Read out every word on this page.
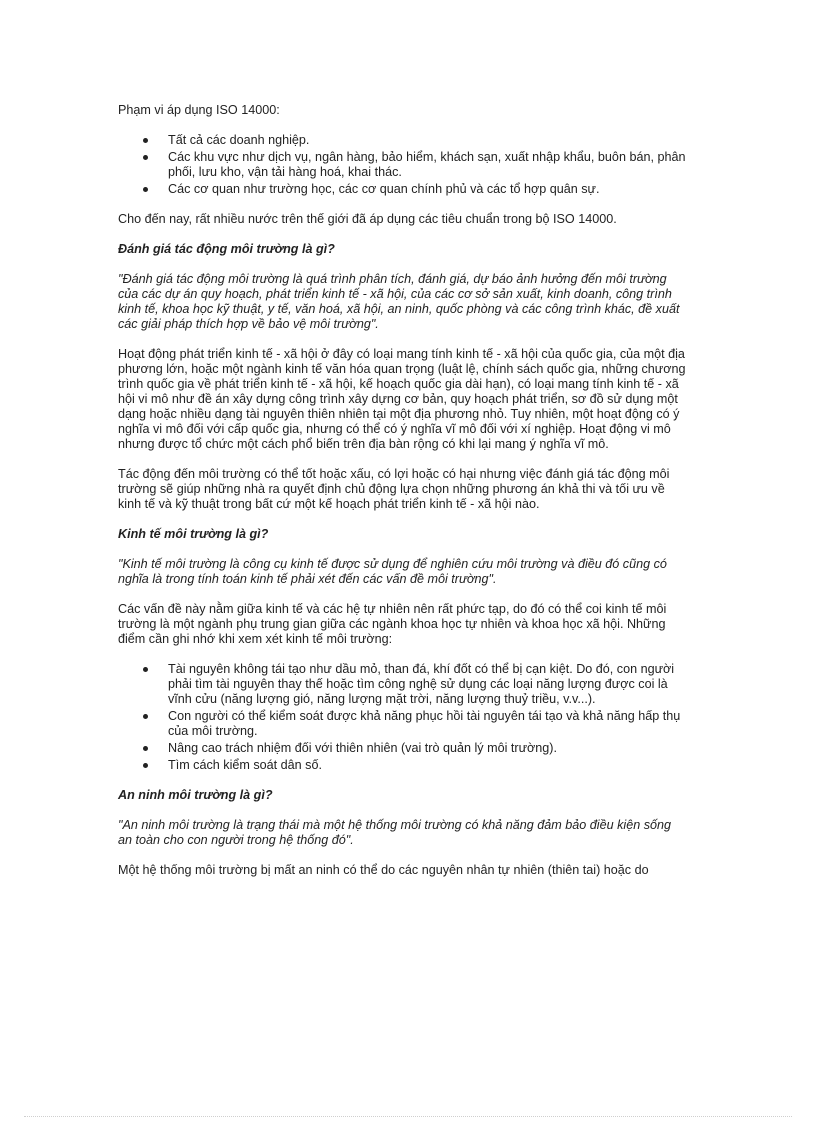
Phạm vi áp dụng ISO 14000:

Tất cả các doanh nghiệp.
Các khu vực như dịch vụ, ngân hàng, bảo hiểm, khách sạn, xuất nhập khẩu, buôn bán, phân phối, lưu kho, vận tải hàng hoá, khai thác.
Các cơ quan như trường học, các cơ quan chính phủ và các tổ hợp quân sự.

Cho đến nay, rất nhiều nước trên thế giới đã áp dụng các tiêu chuẩn trong bộ ISO 14000.

Đánh giá tác động môi trường là gì?

"Đánh giá tác động môi trường là quá trình phân tích, đánh giá, dự báo ảnh hưởng đến môi trường của các dự án quy hoạch, phát triển kinh tế - xã hội, của các cơ sở sản xuất, kinh doanh, công trình kinh tế, khoa học kỹ thuật, y tế, văn hoá, xã hội, an ninh, quốc phòng và các công trình khác, đề xuất các giải pháp thích hợp về bảo vệ môi trường".

Hoạt động phát triển kinh tế - xã hội ở đây có loại mang tính kinh tế - xã hội của quốc gia, của một địa phương lớn, hoặc một ngành kinh tế văn hóa quan trọng (luật lệ, chính sách quốc gia, những chương trình quốc gia về phát triển kinh tế - xã hội, kế hoạch quốc gia dài hạn), có loại mang tính kinh tế - xã hội vi mô như đề án xây dựng công trình xây dựng cơ bản, quy hoạch phát triển, sơ đồ sử dụng một dạng hoặc nhiều dạng tài nguyên thiên nhiên tại một địa phương nhỏ. Tuy nhiên, một hoạt động có ý nghĩa vi mô đối với cấp quốc gia, nhưng có thể có ý nghĩa vĩ mô đối với xí nghiệp. Hoạt động vi mô nhưng được tổ chức một cách phổ biến trên địa bàn rộng có khi lại mang ý nghĩa vĩ mô.

Tác động đến môi trường có thể tốt hoặc xấu, có lợi hoặc có hại nhưng việc đánh giá tác động môi trường sẽ giúp những nhà ra quyết định chủ động lựa chọn những phương án khả thi và tối ưu về kinh tế và kỹ thuật trong bất cứ một kế hoạch phát triển kinh tế - xã hội nào.

Kinh tế môi trường là gì?

"Kinh tế môi trường là công cụ kinh tế được sử dụng để nghiên cứu môi trường và điều đó cũng có nghĩa là trong tính toán kinh tế phải xét đến các vấn đề môi trường".

Các vấn đề này nằm giữa kinh tế và các hệ tự nhiên nên rất phức tạp, do đó có thể coi kinh tế môi trường là một ngành phụ trung gian giữa các ngành khoa học tự nhiên và khoa học xã hội. Những điểm cần ghi nhớ khi xem xét kinh tế môi trường:

Tài nguyên không tái tạo như dầu mỏ, than đá, khí đốt có thể bị cạn kiệt. Do đó, con người phải tìm tài nguyên thay thế hoặc tìm công nghệ sử dụng các loại năng lượng được coi là vĩnh cửu (năng lượng gió, năng lượng mặt trời, năng lượng thuỷ triều, v.v...).
Con người có thể kiểm soát được khả năng phục hồi tài nguyên tái tạo và khả năng hấp thụ của môi trường.
Nâng cao trách nhiệm đối với thiên nhiên (vai trò quản lý môi trường).
Tìm cách kiểm soát dân số.

An ninh môi trường là gì?

"An ninh môi trường là trạng thái mà một hệ thống môi trường có khả năng đảm bảo điều kiện sống an toàn cho con người trong hệ thống đó".

Một hệ thống môi trường bị mất an ninh có thể do các nguyên nhân tự nhiên (thiên tai) hoặc do
